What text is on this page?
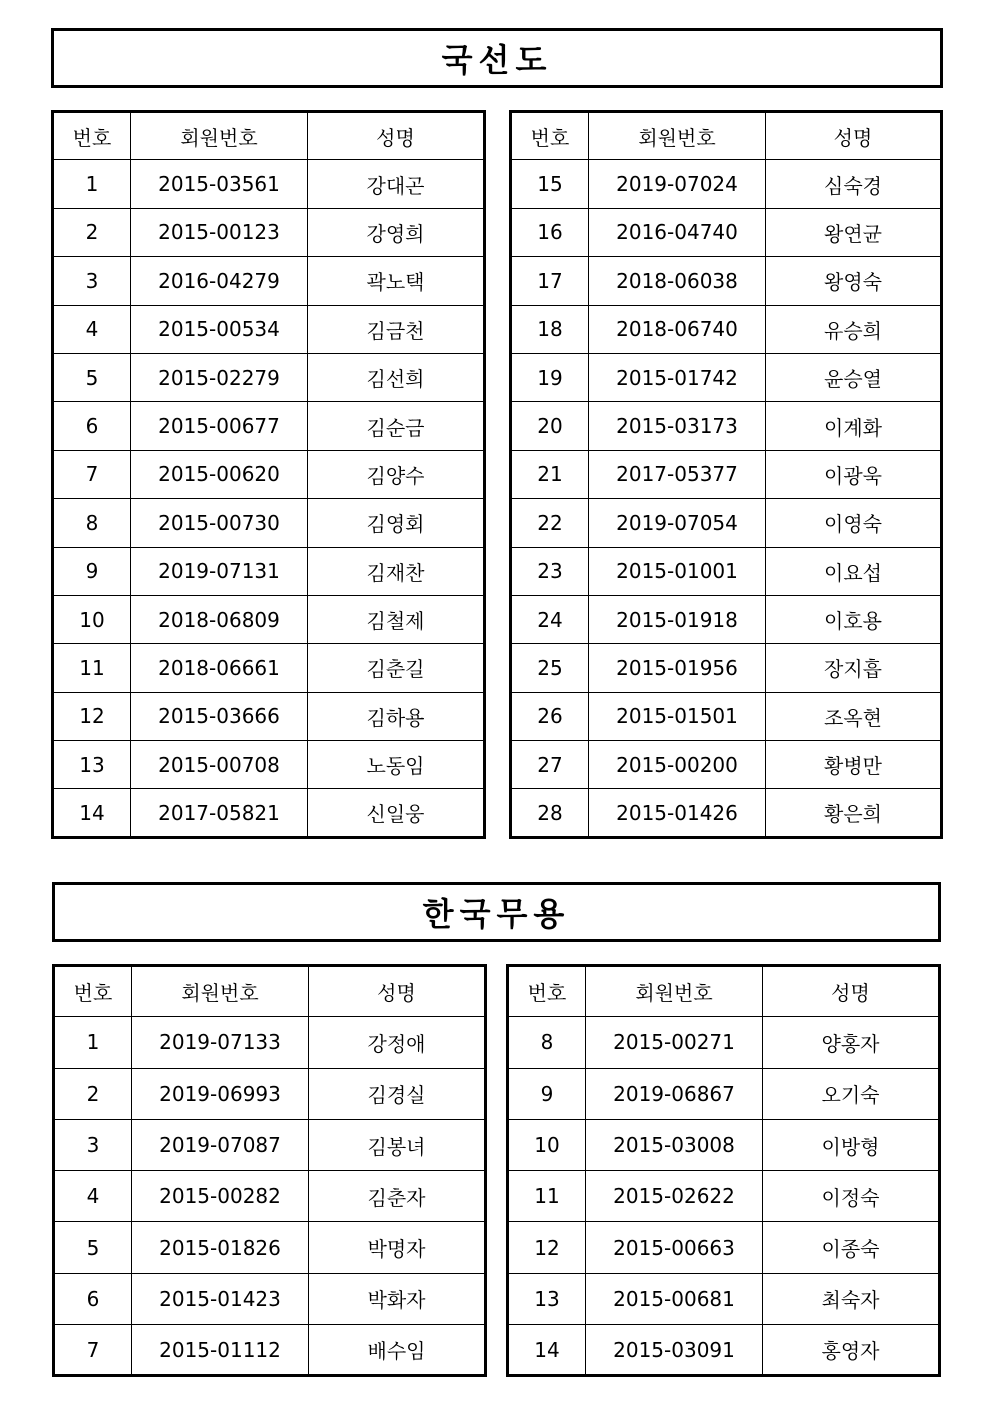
국선도
번호	회원번호	성명
1	2015-03561	강대곤
2	2015-00123	강영희
3	2016-04279	곽노택
4	2015-00534	김금천
5	2015-02279	김선희
6	2015-00677	김순금
7	2015-00620	김양수
8	2015-00730	김영회
9	2019-07131	김재찬
10	2018-06809	김철제
11	2018-06661	김춘길
12	2015-03666	김하용
13	2015-00708	노동임
14	2017-05821	신일웅
번호	회원번호	성명
15	2019-07024	심숙경
16	2016-04740	왕연균
17	2018-06038	왕영숙
18	2018-06740	유승희
19	2015-01742	윤승열
20	2015-03173	이계화
21	2017-05377	이광욱
22	2019-07054	이영숙
23	2015-01001	이요섭
24	2015-01918	이호용
25	2015-01956	장지흡
26	2015-01501	조옥현
27	2015-00200	황병만
28	2015-01426	황은희
한국무용
번호	회원번호	성명
1	2019-07133	강정애
2	2019-06993	김경실
3	2019-07087	김봉녀
4	2015-00282	김춘자
5	2015-01826	박명자
6	2015-01423	박화자
7	2015-01112	배수임
번호	회원번호	성명
8	2015-00271	양홍자
9	2019-06867	오기숙
10	2015-03008	이방형
11	2015-02622	이정숙
12	2015-00663	이종숙
13	2015-00681	최숙자
14	2015-03091	홍영자
